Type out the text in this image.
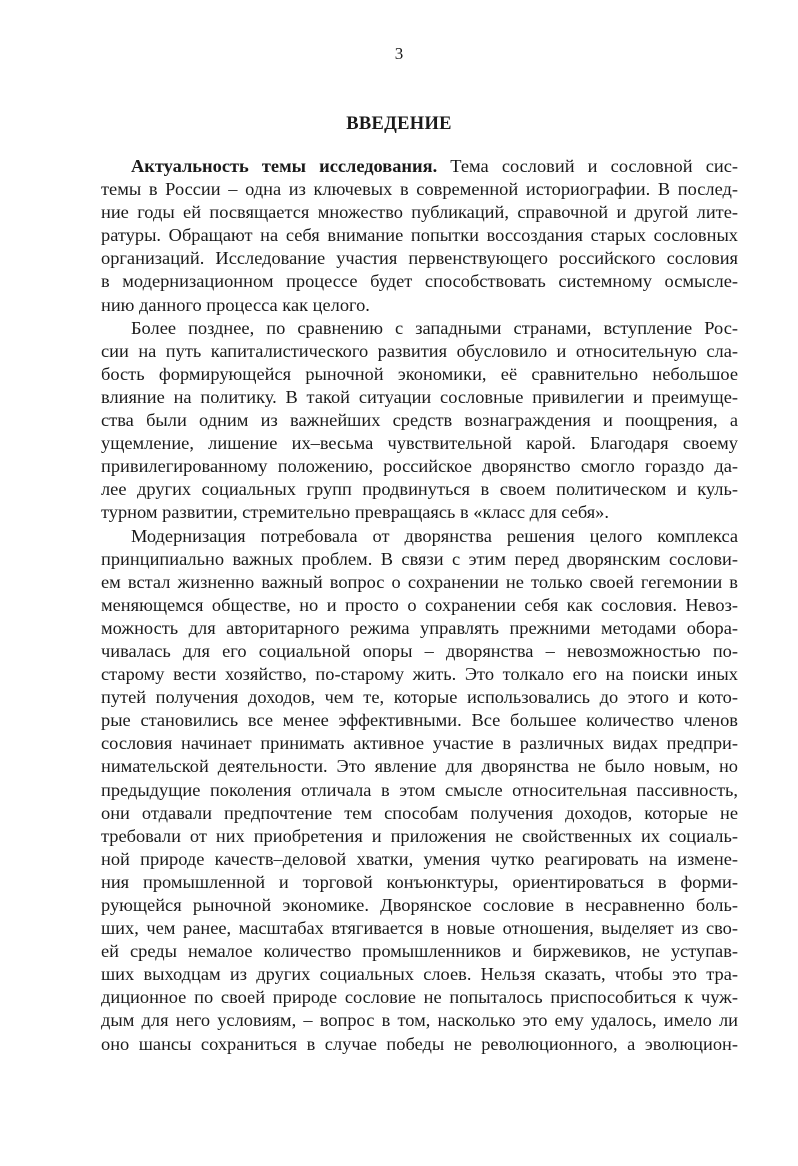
3
ВВЕДЕНИЕ
Актуальность темы исследования. Тема сословий и сословной сис-
темы в России – одна из ключевых в современной историографии. В послед-
ние годы ей посвящается множество публикаций, справочной и другой лите-
ратуры. Обращают на себя внимание попытки воссоздания старых сословных
организаций. Исследование участия первенствующего российского сословия
в модернизационном процессе будет способствовать системному осмысле-
нию данного процесса как целого.
Более позднее, по сравнению с западными странами, вступление Рос-
сии на путь капиталистического развития обусловило и относительную сла-
бость формирующейся рыночной экономики, её сравнительно небольшое
влияние на политику. В такой ситуации сословные привилегии и преимуще-
ства были одним из важнейших средств вознаграждения и поощрения, а
ущемление, лишение их–весьма чувствительной карой. Благодаря своему
привилегированному положению, российское дворянство смогло гораздо да-
лее других социальных групп продвинуться в своем политическом и куль-
турном развитии, стремительно превращаясь в «класс для себя».
Модернизация потребовала от дворянства решения целого комплекса
принципиально важных проблем. В связи с этим перед дворянским сослови-
ем встал жизненно важный вопрос о сохранении не только своей гегемонии в
меняющемся обществе, но и просто о сохранении себя как сословия. Невоз-
можность для авторитарного режима управлять прежними методами обора-
чивалась для его социальной опоры – дворянства – невозможностью по-
старому вести хозяйство, по-старому жить. Это толкало его на поиски иных
путей получения доходов, чем те, которые использовались до этого и кото-
рые становились все менее эффективными. Все большее количество членов
сословия начинает принимать активное участие в различных видах предпри-
нимательской деятельности. Это явление для дворянства не было новым, но
предыдущие поколения отличала в этом смысле относительная пассивность,
они отдавали предпочтение тем способам получения доходов, которые не
требовали от них приобретения и приложения не свойственных их социаль-
ной природе качеств–деловой хватки, умения чутко реагировать на измене-
ния промышленной и торговой конъюнктуры, ориентироваться в форми-
рующейся рыночной экономике. Дворянское сословие в несравненно боль-
ших, чем ранее, масштабах втягивается в новые отношения, выделяет из сво-
ей среды немалое количество промышленников и биржевиков, не уступав-
ших выходцам из других социальных слоев. Нельзя сказать, чтобы это тра-
диционное по своей природе сословие не попыталось приспособиться к чуж-
дым для него условиям, – вопрос в том, насколько это ему удалось, имело ли
оно шансы сохраниться в случае победы не революционного, а эволюцион-
